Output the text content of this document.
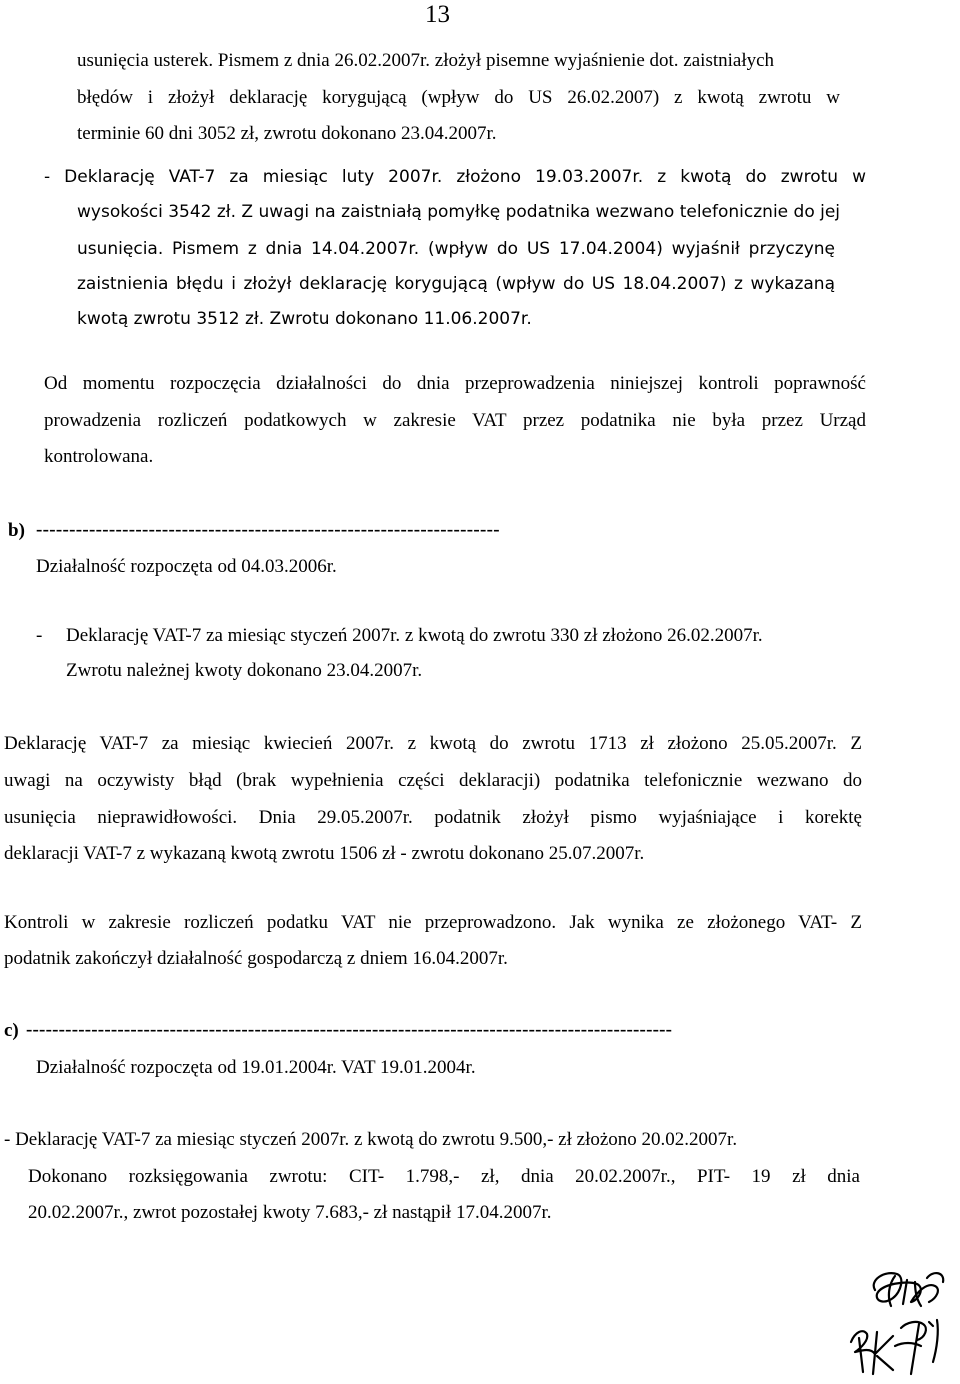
13
usunięcia usterek. Pismem z dnia 26.02.2007r. złożył pisemne wyjaśnienie dot. zaistniałych
błędów i złożył deklarację korygującą (wpływ do US 26.02.2007) z kwotą zwrotu w
terminie 60 dni 3052 zł, zwrotu dokonano 23.04.2007r.
- Deklarację VAT-7 za miesiąc luty 2007r. złożono 19.03.2007r. z kwotą do zwrotu w
wysokości 3542 zł. Z uwagi na zaistniałą pomyłkę podatnika wezwano telefonicznie do jej
usunięcia. Pismem z dnia 14.04.2007r. (wpływ do US 17.04.2004) wyjaśnił przyczynę
zaistnienia błędu i złożył deklarację korygującą (wpływ do US 18.04.2007) z wykazaną
kwotą zwrotu 3512 zł. Zwrotu dokonano 11.06.2007r.
Od momentu rozpoczęcia działalności do dnia przeprowadzenia niniejszej kontroli poprawność
prowadzenia rozliczeń podatkowych w zakresie VAT przez podatnika nie była przez Urząd
kontrolowana.
b) ----------------------------------------------------------------------
Działalność rozpoczęta od 04.03.2006r.
- Deklarację VAT-7 za miesiąc styczeń 2007r. z kwotą do zwrotu 330 zł złożono 26.02.2007r.
Zwrotu należnej kwoty dokonano 23.04.2007r.
Deklarację VAT-7 za miesiąc kwiecień 2007r. z kwotą do zwrotu 1713 zł złożono 25.05.2007r. Z
uwagi na oczywisty błąd (brak wypełnienia części deklaracji) podatnika telefonicznie wezwano do
usunięcia nieprawidłowości. Dnia 29.05.2007r. podatnik złożył pismo wyjaśniające i korektę
deklaracji VAT-7 z wykazaną kwotą zwrotu 1506 zł - zwrotu dokonano 25.07.2007r.
Kontroli w zakresie rozliczeń podatku VAT nie przeprowadzono. Jak wynika ze złożonego VAT- Z
podatnik zakończył działalność gospodarczą z dniem 16.04.2007r.
c) ---------------------------------------------------------------------------------------------------
Działalność rozpoczęta od 19.01.2004r. VAT 19.01.2004r.
- Deklarację VAT-7 za miesiąc styczeń 2007r. z kwotą do zwrotu 9.500,- zł złożono 20.02.2007r.
Dokonano rozksięgowania zwrotu: CIT- 1.798,- zł, dnia 20.02.2007r., PIT- 19 zł dnia
20.02.2007r., zwrot pozostałej kwoty 7.683,- zł nastąpił 17.04.2007r.
